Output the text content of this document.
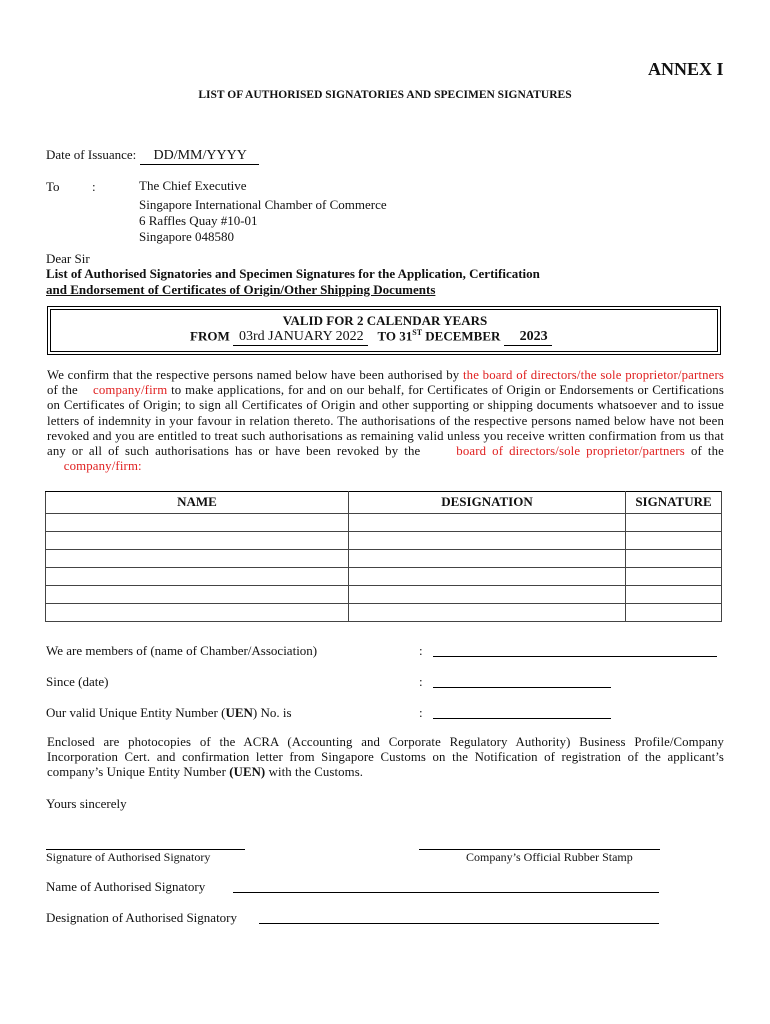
ANNEX I
LIST OF AUTHORISED SIGNATORIES AND SPECIMEN SIGNATURES
Date of Issuance: DD/MM/YYYY
To :	The Chief Executive
Singapore International Chamber of Commerce
6 Raffles Quay #10-01
Singapore 048580
Dear Sir
List of Authorised Signatories and Specimen Signatures for the Application, Certification
and Endorsement of Certificates of Origin/Other Shipping Documents
VALID FOR 2 CALENDAR YEARS
FROM 03rd JANUARY 2022 TO 31ST DECEMBER 2023
We confirm that the respective persons named below have been authorised by the board of directors/the sole proprietor/partners of the company/firm to make applications, for and on our behalf, for Certificates of Origin or Endorsements or Certifications on Certificates of Origin; to sign all Certificates of Origin and other supporting or shipping documents whatsoever and to issue letters of indemnity in your favour in relation thereto. The authorisations of the respective persons named below have not been revoked and you are entitled to treat such authorisations as remaining valid unless you receive written confirmation from us that any or all of such authorisations has or have been revoked by the	board of directors/sole proprietor/partners of the      company/firm:
NAME	DESIGNATION	SIGNATURE

We are members of (name of Chamber/Association)	:
Since (date)	:
Our valid Unique Entity Number (UEN) No. is	:
Enclosed are photocopies of the ACRA (Accounting and Corporate Regulatory Authority) Business Profile/Company Incorporation Cert. and confirmation letter from Singapore Customs on the Notification of registration of the applicant’s company’s Unique Entity Number (UEN) with the Customs.
Yours sincerely
Signature of Authorised Signatory	Company’s Official Rubber Stamp
Name of Authorised Signatory
Designation of Authorised Signatory
